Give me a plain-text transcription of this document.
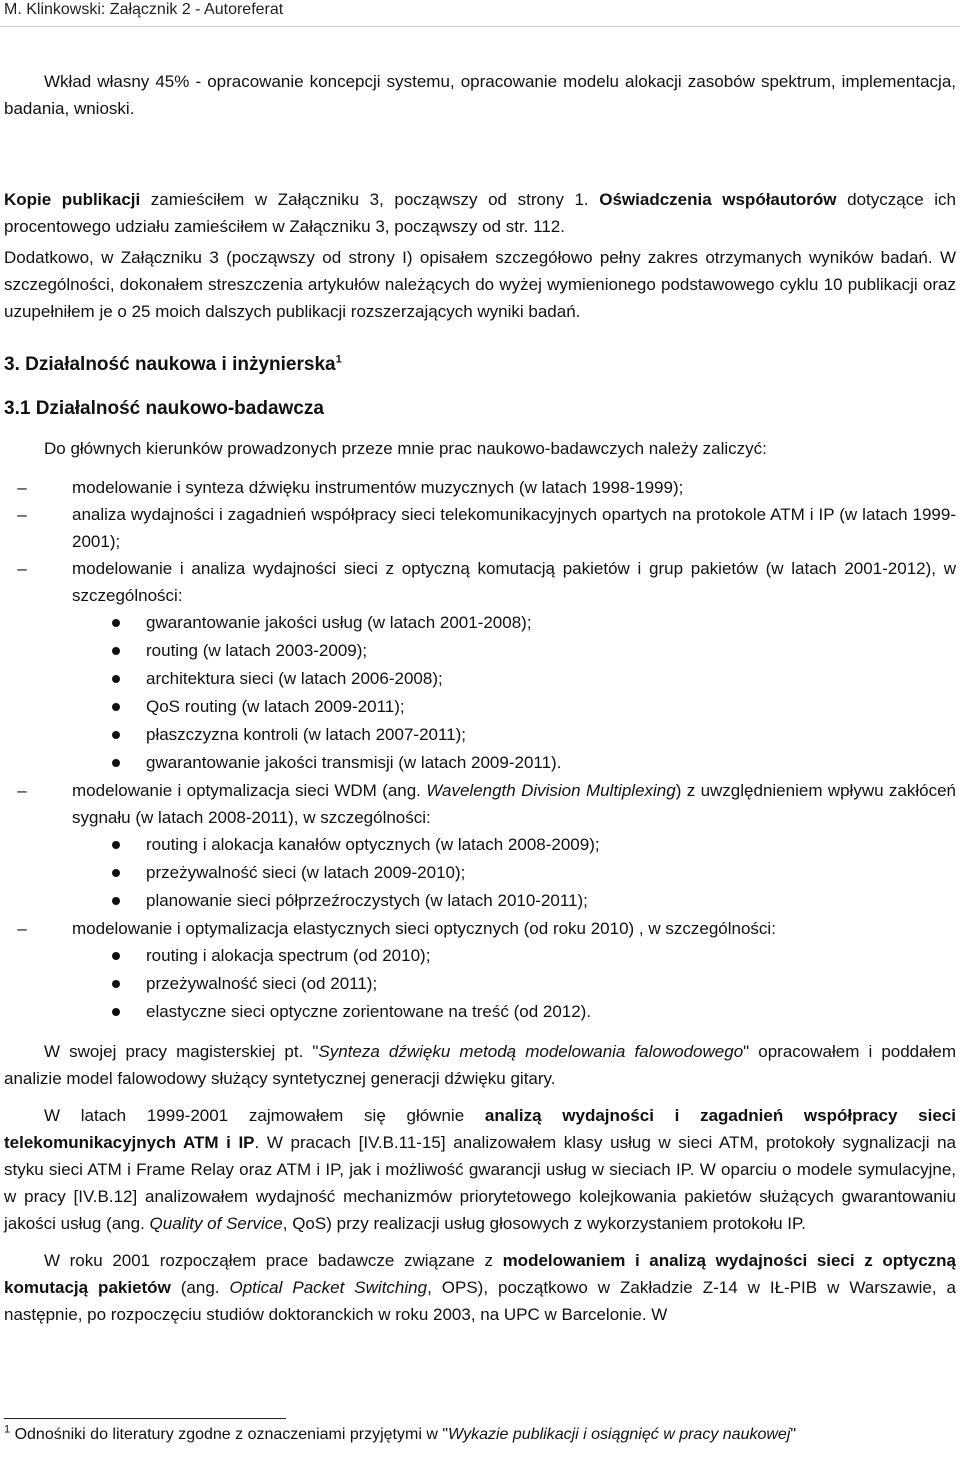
M. Klinkowski: Załącznik 2 - Autoreferat

Wkład własny 45% - opracowanie koncepcji systemu, opracowanie modelu alokacji zasobów spektrum, implementacja, badania, wnioski.

Kopie publikacji zamieściłem w Załączniku 3, począwszy od strony 1. Oświadczenia współautorów dotyczące ich procentowego udziału zamieściłem w Załączniku 3, począwszy od str. 112.

Dodatkowo, w Załączniku 3 (począwszy od strony I) opisałem szczegółowo pełny zakres otrzymanych wyników badań. W szczególności, dokonałem streszczenia artykułów należących do wyżej wymienionego podstawowego cyklu 10 publikacji oraz uzupełniłem je o 25 moich dalszych publikacji rozszerzających wyniki badań.

3. Działalność naukowa i inżynierska$^1$
3.1 Działalność naukowo-badawcza

Do głównych kierunków prowadzonych przeze mnie prac naukowo-badawczych należy zaliczyć:

–	modelowanie i synteza dźwięku instrumentów muzycznych (w latach 1998-1999);
–	analiza wydajności i zagadnień współpracy sieci telekomunikacyjnych opartych na protokole ATM i IP (w latach 1999-2001);
–	modelowanie i analiza wydajności sieci z optyczną komutacją pakietów i grup pakietów (w latach 2001-2012), w szczególności:
gwarantowanie jakości usług (w latach 2001-2008);
routing (w latach 2003-2009);
architektura sieci (w latach 2006-2008);
QoS routing (w latach 2009-2011);
płaszczyzna kontroli (w latach 2007-2011);
gwarantowanie jakości transmisji (w latach 2009-2011).
–	modelowanie i optymalizacja sieci WDM (ang. Wavelength Division Multiplexing) z uwzględnieniem wpływu zakłóceń sygnału (w latach 2008-2011), w szczególności:
routing i alokacja kanałów optycznych (w latach 2008-2009);
przeżywalność sieci (w latach 2009-2010);
planowanie sieci półprzeźroczystych (w latach 2010-2011);
–	modelowanie i optymalizacja elastycznych sieci optycznych (od roku 2010) , w szczególności:
routing i alokacja spectrum (od 2010);
przeżywalność sieci (od 2011);
elastyczne sieci optyczne zorientowane na treść (od 2012).

W swojej pracy magisterskiej pt. "Synteza dźwięku metodą modelowania falowodowego" opracowałem i poddałem analizie model falowodowy służący syntetycznej generacji dźwięku gitary.

W latach 1999-2001 zajmowałem się głównie analizą wydajności i zagadnień współpracy sieci telekomunikacyjnych ATM i IP. W pracach [IV.B.11-15] analizowałem klasy usług w sieci ATM, protokoły sygnalizacji na styku sieci ATM i Frame Relay oraz ATM i IP, jak i możliwość gwarancji usług w sieciach IP. W oparciu o modele symulacyjne, w pracy [IV.B.12] analizowałem wydajność mechanizmów priorytetowego kolejkowania pakietów służących gwarantowaniu jakości usług (ang. Quality of Service, QoS) przy realizacji usług głosowych z wykorzystaniem protokołu IP.

W roku 2001 rozpocząłem prace badawcze związane z modelowaniem i analizą wydajności sieci z optyczną komutacją pakietów (ang. Optical Packet Switching, OPS), początkowo w Zakładzie Z-14 w IŁ-PIB w Warszawie, a następnie, po rozpoczęciu studiów doktoranckich w roku 2003, na UPC w Barcelonie. W

$^1$ Odnośniki do literatury zgodne z oznaczeniami przyjętymi w "Wykazie publikacji i osiągnięć w pracy naukowej"
